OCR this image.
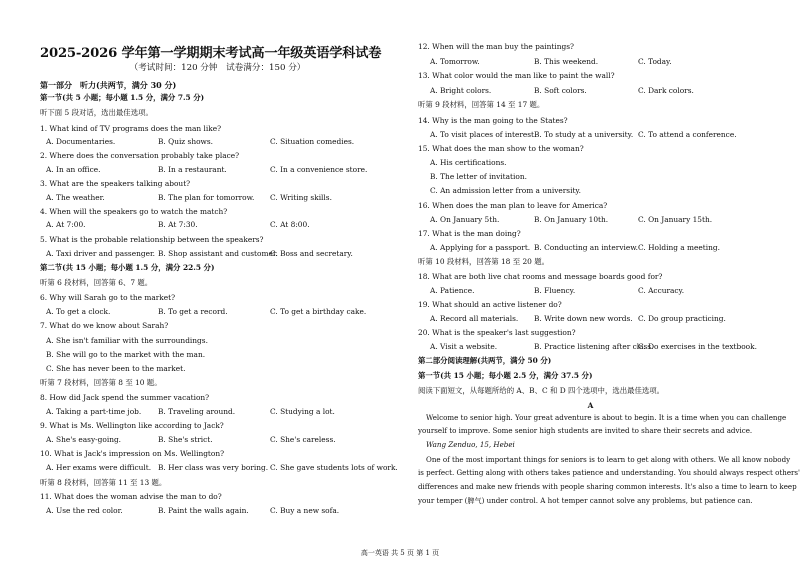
2025-2026 学年第一学期期末考试高一年级英语学科试卷
（考试时间：120 分钟　试卷满分：150 分）
第一部分　听力(共两节，满分 30 分)
第一节(共 5 小题；每小题 1.5 分，满分 7.5 分)
听下面 5 段对话，选出最佳选项。
1. What kind of TV programs does the man like?
A. Documentaries.	B. Quiz shows.	C. Situation comedies.
2. Where does the conversation probably take place?
A. In an office.	B. In a restaurant.	C. In a convenience store.
3. What are the speakers talking about?
A. The weather.	B. The plan for tomorrow. C. Writing skills.
4. When will the speakers go to watch the match?
A. At 7:00.	B. At 7:30.	C. At 8:00.
5. What is the probable relationship between the speakers?
A. Taxi driver and passenger. B. Shop assistant and customer.
C. Boss and secretary.
第二节(共 15 小题；每小题 1.5 分，满分 22.5 分)
听第 6 段材料，回答第 6、7 题。
6. Why will Sarah go to the market?
A. To get a clock.	B. To get a record.	C. To get a birthday cake.
7. What do we know about Sarah?
A. She isn't familiar with the surroundings.
B. She will go to the market with the man.
C. She has never been to the market.
听第 7 段材料，回答第 8 至 10 题。
8. How did Jack spend the summer vacation?
A. Taking a part-time job. B. Traveling around.	C. Studying a lot.
9. What is Ms. Wellington like according to Jack?
A. She's easy-going.	B. She's strict.	C. She's careless.
10. What is Jack's impression on Ms. Wellington?
A. Her exams were difficult. B. Her class was very boring. C. She gave students lots of work.
听第 8 段材料，回答第 11 至 13 题。
11. What does the woman advise the man to do?
A. Use the red color.	B. Paint the walls again.	C. Buy a new sofa.
12. When will the man buy the paintings?
A. Tomorrow.	B. This weekend.	C. Today.
13. What color would the man like to paint the wall?
A. Bright colors.	B. Soft colors.	C. Dark colors.
听第 9 段材料，回答第 14 至 17 题。
14. Why is the man going to the States?
A. To visit places of interest.
B. To study at a university. C. To attend a conference.
15. What does the man show to the woman?
A. His certifications.
B. The letter of invitation.
C. An admission letter from a university.
16. When does the man plan to leave for America?
A. On January 5th.	B. On January 10th.	C. On January 15th.
17. What is the man doing?
A. Applying for a passport. B. Conducting an interview. C. Holding a meeting.
听第 10 段材料，回答第 18 至 20 题。
18. What are both live chat rooms and message boards good for?
A. Patience.	B. Fluency.	C. Accuracy.
19. What should an active listener do?
A. Record all materials. B. Write down new words. C. Do group practicing.
20. What is the speaker's last suggestion?
A. Visit a website.	B. Practice listening after class.
C. Do exercises in the textbook.
第二部分阅读理解(共两节，满分 50 分)
第一节(共 15 小题；每小题 2.5 分，满分 37.5 分)
阅读下面短文，从每题所给的 A、B、C 和 D 四个选项中，选出最佳选项。
A
Welcome to senior high. Your great adventure is about to begin. It is a time when you can challenge
yourself to improve. Some senior high students are invited to share their secrets and advice.
Wang Zenduo, 15, Hebei
One of the most important things for seniors is to learn to get along with others. We all know nobody
is perfect. Getting along with others takes patience and understanding. You should always respect others'
differences and make new friends with people sharing common interests. It's also a time to learn to keep
your temper (脾气) under control. A hot temper cannot solve any problems, but patience can.
高一英语 共 5 页 第 1 页
